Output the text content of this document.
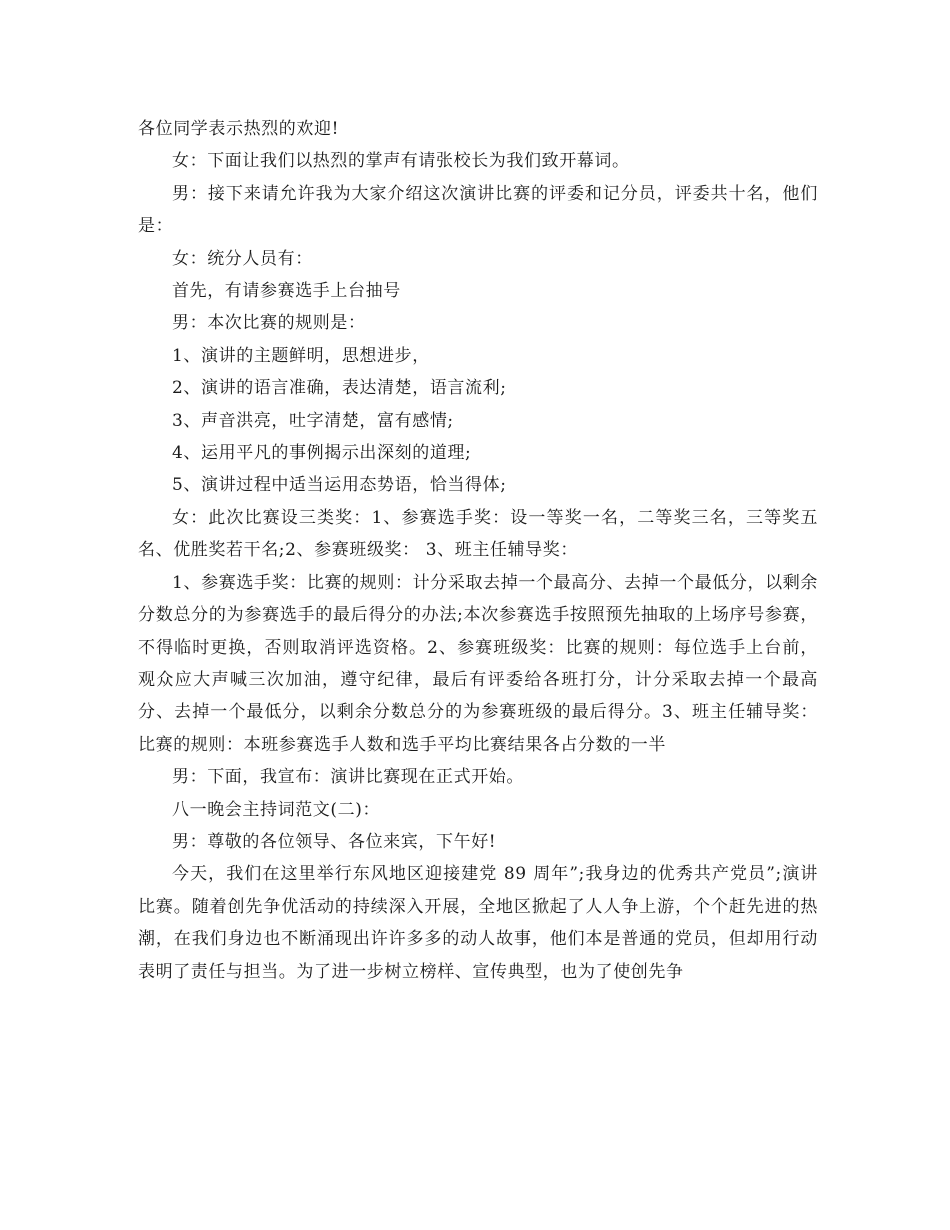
各位同学表示热烈的欢迎!

女：下面让我们以热烈的掌声有请张校长为我们致开幕词。

男：接下来请允许我为大家介绍这次演讲比赛的评委和记分员，评委共十名，他们是：

女：统分人员有：

首先，有请参赛选手上台抽号

男：本次比赛的规则是：

1、演讲的主题鲜明，思想进步，

2、演讲的语言准确，表达清楚，语言流利;

3、声音洪亮，吐字清楚，富有感情;

4、运用平凡的事例揭示出深刻的道理;

5、演讲过程中适当运用态势语，恰当得体;

女：此次比赛设三类奖：1、参赛选手奖：设一等奖一名，二等奖三名，三等奖五名、优胜奖若干名;2、参赛班级奖： 3、班主任辅导奖：

1、参赛选手奖：比赛的规则：计分采取去掉一个最高分、去掉一个最低分，以剩余分数总分的为参赛选手的最后得分的办法;本次参赛选手按照预先抽取的上场序号参赛，不得临时更换，否则取消评选资格。2、参赛班级奖：比赛的规则：每位选手上台前，观众应大声喊三次加油，遵守纪律，最后有评委给各班打分，计分采取去掉一个最高分、去掉一个最低分，以剩余分数总分的为参赛班级的最后得分。3、班主任辅导奖：比赛的规则：本班参赛选手人数和选手平均比赛结果各占分数的一半

男：下面，我宣布：演讲比赛现在正式开始。

八一晚会主持词范文(二)：

男：尊敬的各位领导、各位来宾，下午好!

今天，我们在这里举行东风地区迎接建党 89 周年”;我身边的优秀共产党员”;演讲比赛。随着创先争优活动的持续深入开展，全地区掀起了人人争上游，个个赶先进的热潮，在我们身边也不断涌现出许许多多的动人故事，他们本是普通的党员，但却用行动表明了责任与担当。为了进一步树立榜样、宣传典型，也为了使创先争
